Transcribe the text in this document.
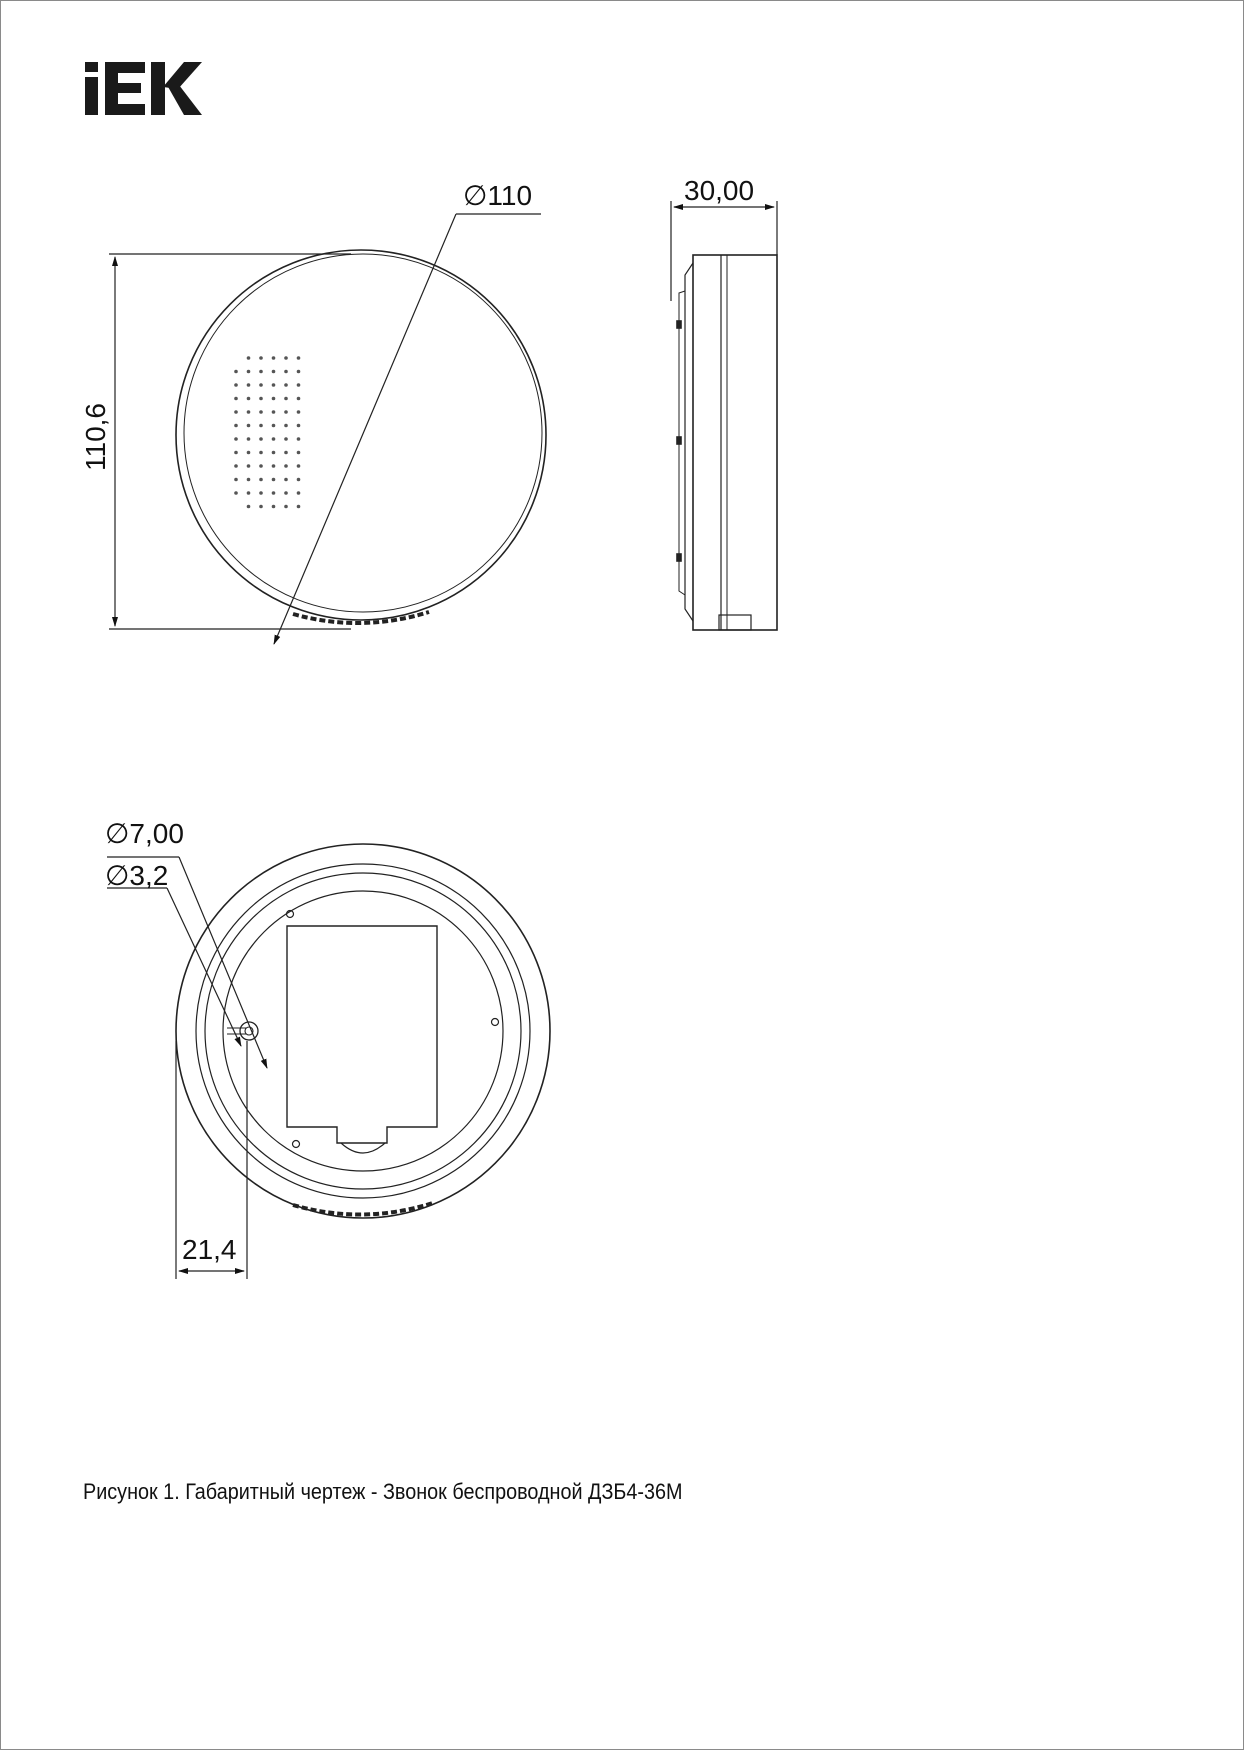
110,6
∅110	30,00
∅7,00
∅3,2
21,4
Рисунок 1. Габаритный чертеж - Звонок беспроводной ДЗБ4-36М
